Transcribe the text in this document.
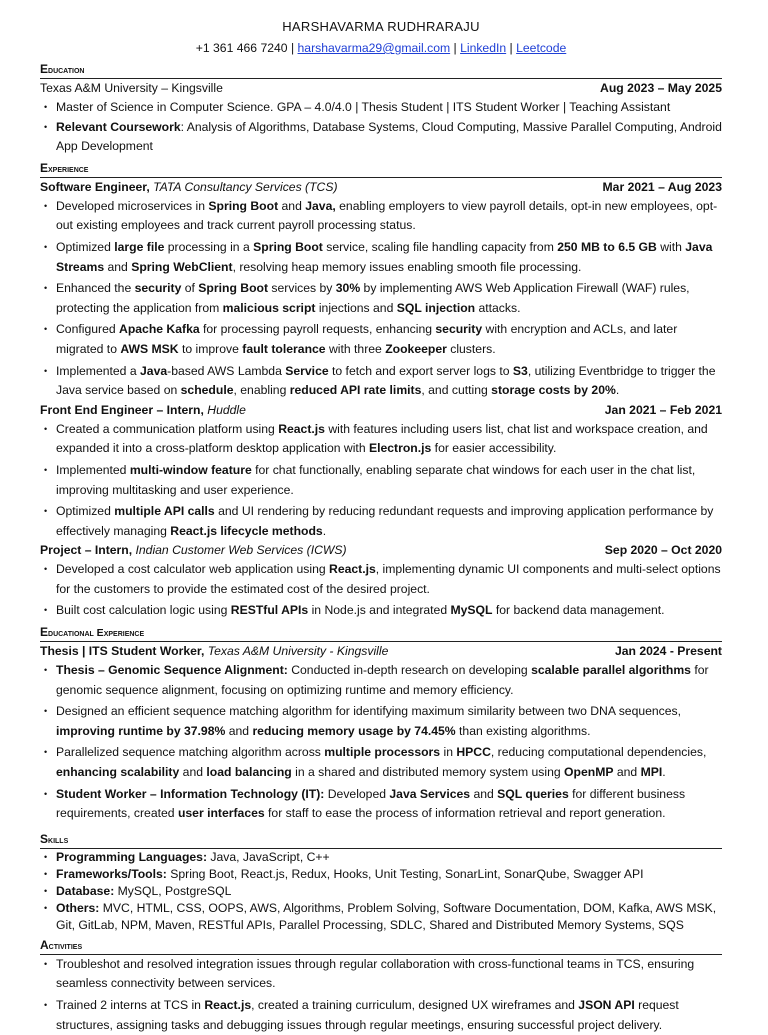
HARSHAVARMA RUDHRARAJU
+1 361 466 7240 | harshavarma29@gmail.com | LinkedIn | Leetcode
Education
Texas A&M University – Kingsville	Aug 2023 – May 2025
• Master of Science in Computer Science. GPA – 4.0/4.0 | Thesis Student | ITS Student Worker | Teaching Assistant
• Relevant Coursework: Analysis of Algorithms, Database Systems, Cloud Computing, Massive Parallel Computing, Android App Development
Experience
Software Engineer, TATA Consultancy Services (TCS)	Mar 2021 – Aug 2023
• Developed microservices in Spring Boot and Java, enabling employers to view payroll details, opt-in new employees, opt-out existing employees and track current payroll processing status.
• Optimized large file processing in a Spring Boot service, scaling file handling capacity from 250 MB to 6.5 GB with Java Streams and Spring WebClient, resolving heap memory issues enabling smooth file processing.
• Enhanced the security of Spring Boot services by 30% by implementing AWS Web Application Firewall (WAF) rules, protecting the application from malicious script injections and SQL injection attacks.
• Configured Apache Kafka for processing payroll requests, enhancing security with encryption and ACLs, and later migrated to AWS MSK to improve fault tolerance with three Zookeeper clusters.
• Implemented a Java-based AWS Lambda Service to fetch and export server logs to S3, utilizing Eventbridge to trigger the Java service based on schedule, enabling reduced API rate limits, and cutting storage costs by 20%.
Front End Engineer – Intern, Huddle	Jan 2021 – Feb 2021
• Created a communication platform using React.js with features including users list, chat list and workspace creation, and expanded it into a cross-platform desktop application with Electron.js for easier accessibility.
• Implemented multi-window feature for chat functionally, enabling separate chat windows for each user in the chat list, improving multitasking and user experience.
• Optimized multiple API calls and UI rendering by reducing redundant requests and improving application performance by effectively managing React.js lifecycle methods.
Project – Intern, Indian Customer Web Services (ICWS)	Sep 2020 – Oct 2020
• Developed a cost calculator web application using React.js, implementing dynamic UI components and multi-select options for the customers to provide the estimated cost of the desired project.
• Built cost calculation logic using RESTful APIs in Node.js and integrated MySQL for backend data management.
Educational Experience
Thesis | ITS Student Worker, Texas A&M University - Kingsville	Jan 2024 - Present
• Thesis – Genomic Sequence Alignment: Conducted in-depth research on developing scalable parallel algorithms for genomic sequence alignment, focusing on optimizing runtime and memory efficiency.
• Designed an efficient sequence matching algorithm for identifying maximum similarity between two DNA sequences, improving runtime by 37.98% and reducing memory usage by 74.45% than existing algorithms.
• Parallelized sequence matching algorithm across multiple processors in HPCC, reducing computational dependencies, enhancing scalability and load balancing in a shared and distributed memory system using OpenMP and MPI.
• Student Worker – Information Technology (IT): Developed Java Services and SQL queries for different business requirements, created user interfaces for staff to ease the process of information retrieval and report generation.
Skills
• Programming Languages: Java, JavaScript, C++
• Frameworks/Tools: Spring Boot, React.js, Redux, Hooks, Unit Testing, SonarLint, SonarQube, Swagger API
• Database: MySQL, PostgreSQL
• Others: MVC, HTML, CSS, OOPS, AWS, Algorithms, Problem Solving, Software Documentation, DOM, Kafka, AWS MSK, Git, GitLab, NPM, Maven, RESTful APIs, Parallel Processing, SDLC, Shared and Distributed Memory Systems, SQS
Activities
• Troubleshot and resolved integration issues through regular collaboration with cross-functional teams in TCS, ensuring seamless connectivity between services.
• Trained 2 interns at TCS in React.js, created a training curriculum, designed UX wireframes and JSON API request structures, assigning tasks and debugging issues through regular meetings, ensuring successful project delivery.
